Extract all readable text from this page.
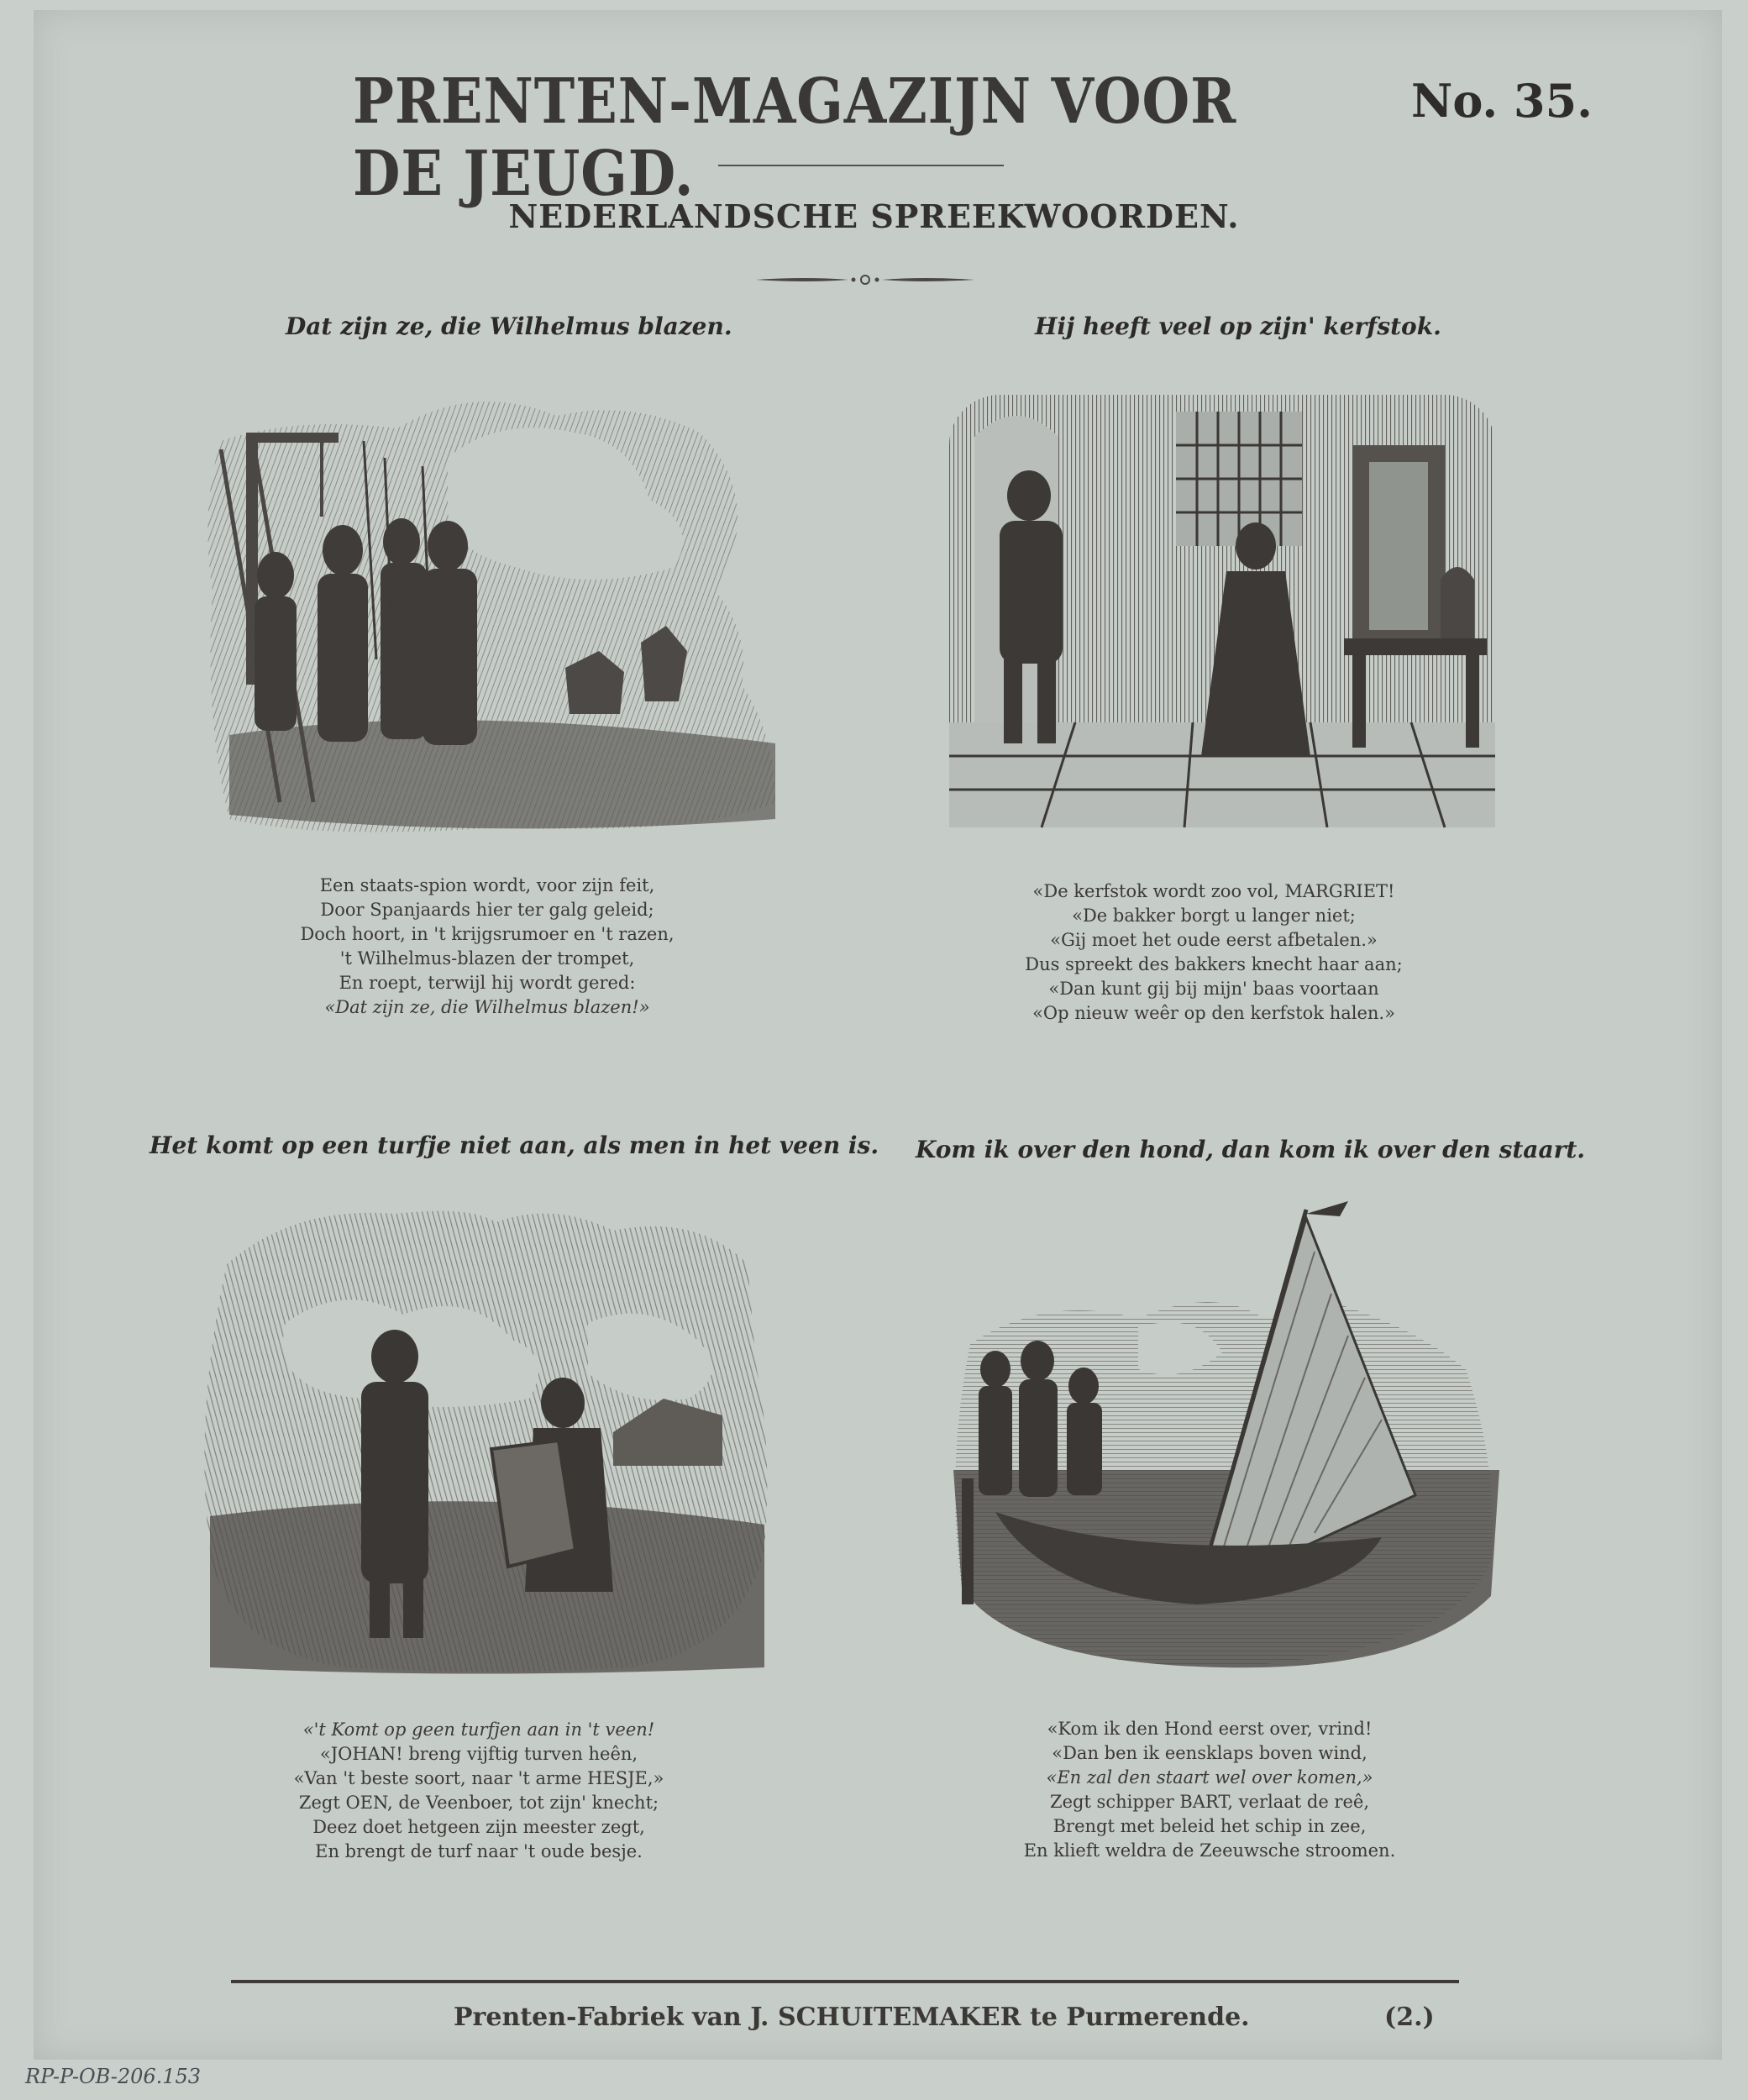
PRENTEN-MAGAZIJN VOOR DE JEUGD.
No. 35.
NEDERLANDSCHE SPREEKWOORDEN.
Dat zijn ze, die Wilhelmus blazen.
Een staats-spion wordt, voor zijn feit,
Door Spanjaards hier ter galg geleid;
Doch hoort, in 't krijgsrumoer en 't razen,
't Wilhelmus-blazen der trompet,
En roept, terwijl hij wordt gered:
«Dat zijn ze, die Wilhelmus blazen!»
Hij heeft veel op zijn' kerfstok.
«De kerfstok wordt zoo vol, MARGRIET!
«De bakker borgt u langer niet;
«Gij moet het oude eerst afbetalen.»
Dus spreekt des bakkers knecht haar aan;
«Dan kunt gij bij mijn' baas voortaan
«Op nieuw weêr op den kerfstok halen.»
Het komt op een turfje niet aan, als men in het veen is.
«'t Komt op geen turfjen aan in 't veen!
«JOHAN! breng vijftig turven heên,
«Van 't beste soort, naar 't arme HESJE,»
Zegt OEN, de Veenboer, tot zijn' knecht;
Deez doet hetgeen zijn meester zegt,
En brengt de turf naar 't oude besje.
Kom ik over den hond, dan kom ik over den staart.
«Kom ik den Hond eerst over, vrind!
«Dan ben ik eensklaps boven wind,
«En zal den staart wel over komen,»
Zegt schipper BART, verlaat de reê,
Brengt met beleid het schip in zee,
En klieft weldra de Zeeuwsche stroomen.
Prenten-Fabriek van J. SCHUITEMAKER te Purmerende.	(2.)
RP-P-OB-206.153
